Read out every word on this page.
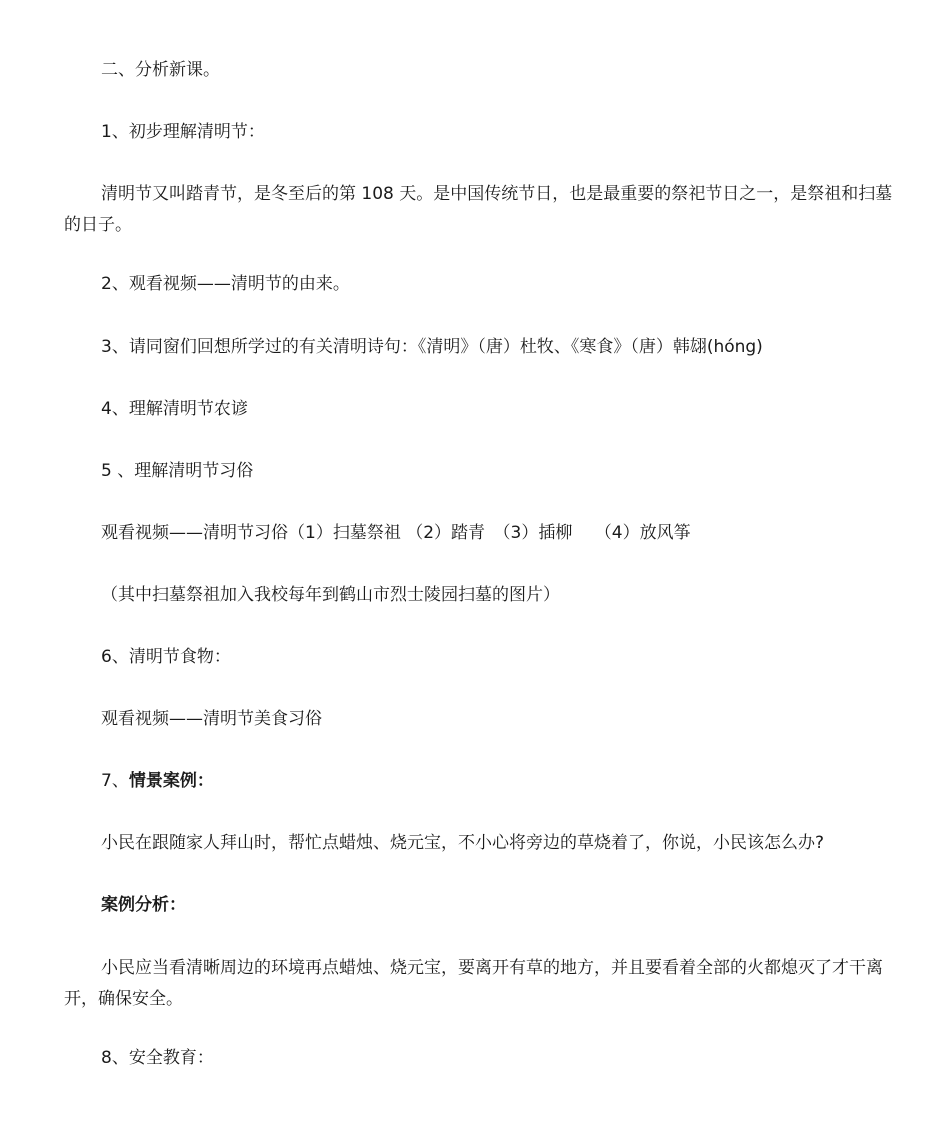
二、分析新课。

1、初步理解清明节：

清明节又叫踏青节，是冬至后的第 108 天。是中国传统节日，也是最重要的祭祀节日之一，是祭祖和扫墓的日子。

2、观看视频——清明节的由来。

3、请同窗们回想所学过的有关清明诗句：《清明》（唐）杜牧、《寒食》（唐）韩翃(hóng)

4、理解清明节农谚

5 、理解清明节习俗

观看视频——清明节习俗（1）扫墓祭祖 （2）踏青　（3）插柳　 （4）放风筝

（其中扫墓祭祖加入我校每年到鹤山市烈士陵园扫墓的图片）

6、清明节食物：

观看视频——清明节美食习俗

7、情景案例：

小民在跟随家人拜山时，帮忙点蜡烛、烧元宝，不小心将旁边的草烧着了，你说，小民该怎么办?

案例分析：

小民应当看清晰周边的环境再点蜡烛、烧元宝，要离开有草的地方，并且要看着全部的火都熄灭了才干离开，确保安全。

8、安全教育：
